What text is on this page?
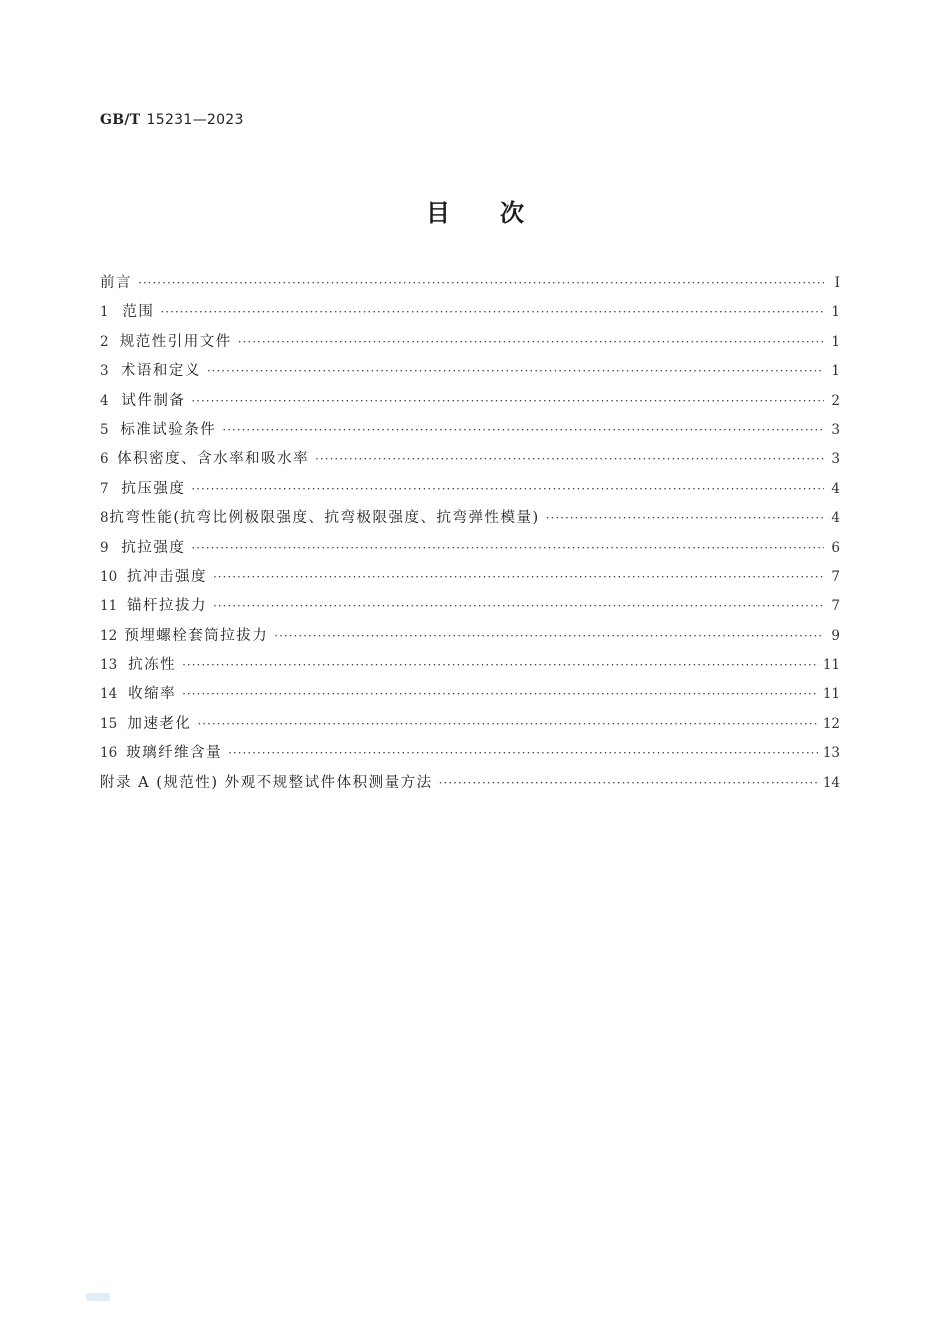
GB/T 15231—2023
目次
前言 ·····	Ⅰ
1 范围 ·····	1
2 规范性引用文件 ·····	1
3 术语和定义 ·····	1
4 试件制备 ·····	2
5 标准试验条件 ·····	3
6 体积密度、含水率和吸水率 ·····	3
7 抗压强度 ·····	4
8 抗弯性能(抗弯比例极限强度、抗弯极限强度、抗弯弹性模量) ·····	4
9 抗拉强度 ·····	6
10 抗冲击强度 ·····	7
11 锚杆拉拔力 ·····	7
12 预埋螺栓套筒拉拔力 ·····	9
13 抗冻性 ·····	11
14 收缩率 ·····	11
15 加速老化 ·····	12
16 玻璃纤维含量 ·····	13
附录 A (规范性) 外观不规整试件体积测量方法 ·····	14
